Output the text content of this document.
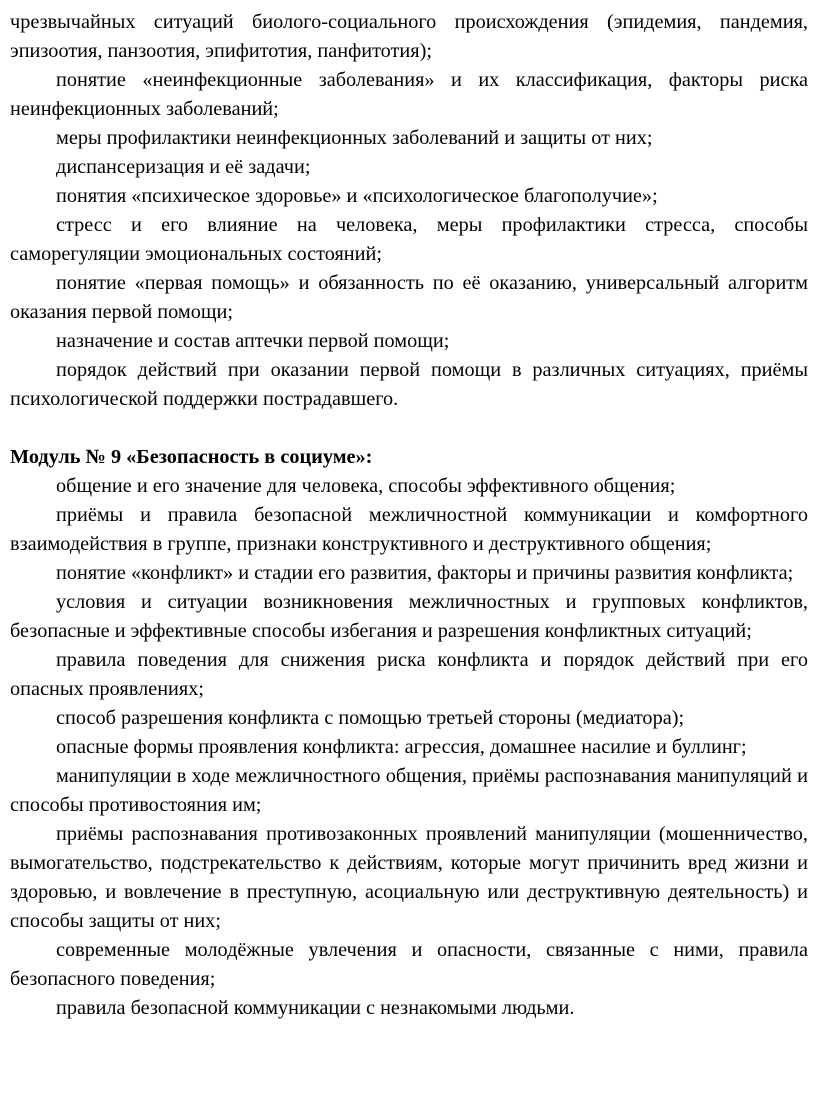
чрезвычайных ситуаций биолого-социального происхождения (эпидемия, пандемия, эпизоотия, панзоотия, эпифитотия, панфитотия);

понятие «неинфекционные заболевания» и их классификация, факторы риска неинфекционных заболеваний;

меры профилактики неинфекционных заболеваний и защиты от них;

диспансеризация и её задачи;

понятия «психическое здоровье» и «психологическое благополучие»;

стресс и его влияние на человека, меры профилактики стресса, способы саморегуляции эмоциональных состояний;

понятие «первая помощь» и обязанность по её оказанию, универсальный алгоритм оказания первой помощи;

назначение и состав аптечки первой помощи;

порядок действий при оказании первой помощи в различных ситуациях, приёмы психологической поддержки пострадавшего.

Модуль № 9 «Безопасность в социуме»:

общение и его значение для человека, способы эффективного общения;

приёмы и правила безопасной межличностной коммуникации и комфортного взаимодействия в группе, признаки конструктивного и деструктивного общения;

понятие «конфликт» и стадии его развития, факторы и причины развития конфликта;

условия и ситуации возникновения межличностных и групповых конфликтов, безопасные и эффективные способы избегания и разрешения конфликтных ситуаций;

правила поведения для снижения риска конфликта и порядок действий при его опасных проявлениях;

способ разрешения конфликта с помощью третьей стороны (медиатора);

опасные формы проявления конфликта: агрессия, домашнее насилие и буллинг;

манипуляции в ходе межличностного общения, приёмы распознавания манипуляций и способы противостояния им;

приёмы распознавания противозаконных проявлений манипуляции (мошенничество, вымогательство, подстрекательство к действиям, которые могут причинить вред жизни и здоровью, и вовлечение в преступную, асоциальную или деструктивную деятельность) и способы защиты от них;

современные молодёжные увлечения и опасности, связанные с ними, правила безопасного поведения;

правила безопасной коммуникации с незнакомыми людьми.
